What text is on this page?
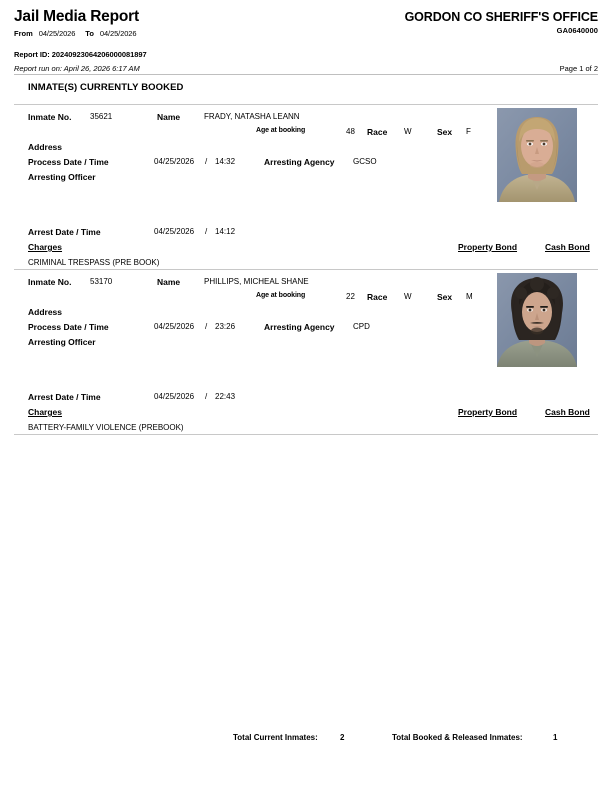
Jail Media Report	GORDON CO SHERIFF'S OFFICE
GA0640000
From 04/25/2026 To 04/25/2026
Report ID: 20240923064206000081897
Report run on: April 26, 2026 6:17 AM	Page 1 of 2
INMATE(S) CURRENTLY BOOKED
Inmate No. 35621	Name	FRADY, NATASHA LEANN
Age at booking	48 Race W	Sex F
Address
Process Date / Time	04/25/2026 / 14:32	Arresting Agency GCSO
Arresting Officer
Arrest Date / Time	04/25/2026 / 14:12
Charges	Property Bond	Cash Bond
CRIMINAL TRESPASS (PRE BOOK)
Inmate No. 53170	Name	PHILLIPS, MICHEAL SHANE
Age at booking	22 Race W	Sex M
Address
Process Date / Time	04/25/2026 / 23:26	Arresting Agency CPD
Arresting Officer
Arrest Date / Time	04/25/2026 / 22:43
Charges	Property Bond	Cash Bond
BATTERY-FAMILY VIOLENCE (PREBOOK)
Total Current Inmates:	2	Total Booked & Released Inmates:	1
